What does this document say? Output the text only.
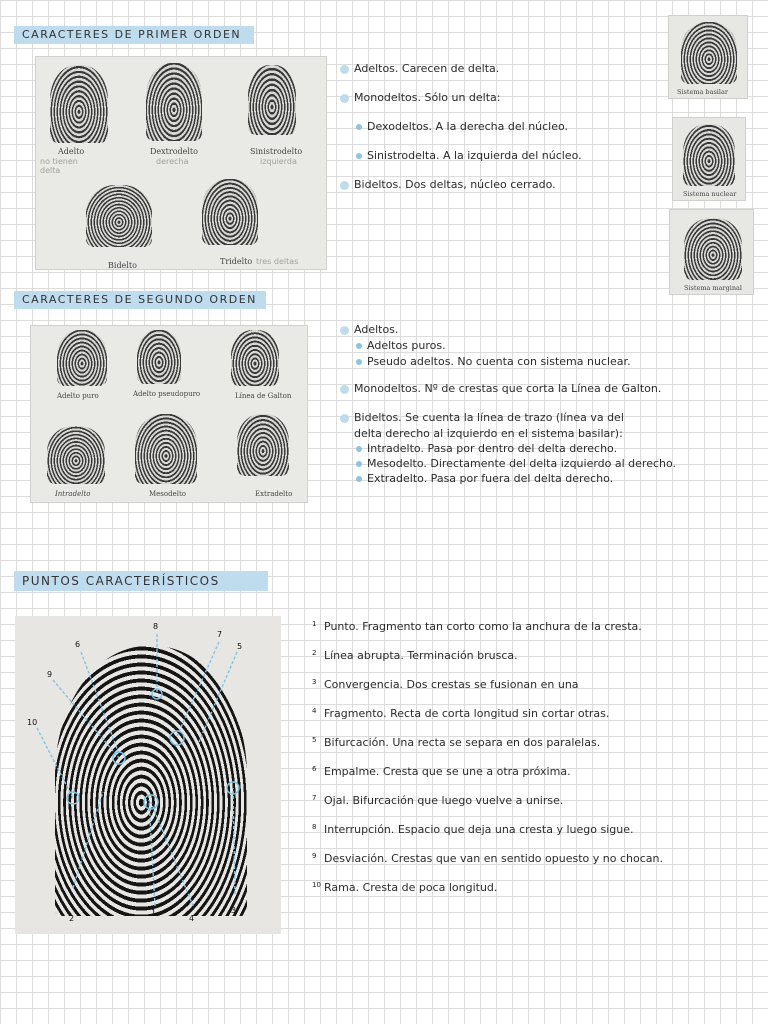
CARACTERES DE PRIMER ORDEN
Adelto
no tienen delta
Dextrodelto
derecha
Sinistrodelto
izquierda
Bidelto	Tridelto tres deltas
Adeltos. Carecen de delta.
Monodeltos. Sólo un delta:
Dexodeltos. A la derecha del núcleo.
Sinistrodelta. A la izquierda del núcleo.
Bideltos. Dos deltas, núcleo cerrado.
Sistema basilar
Sistema nuclear
Sistema marginal
CARACTERES DE SEGUNDO ORDEN
Adelto puro	Adelto pseudopuro	Línea de Galton
Intradelto	Mesodelto	Extradelto
Adeltos.
Adeltos puros.
Pseudo adeltos. No cuenta con sistema nuclear.
Monodeltos. Nº de crestas que corta la Línea de Galton.
Bideltos. Se cuenta la línea de trazo (línea va del
delta derecho al izquierdo en el sistema basilar):
Intradelto. Pasa por dentro del delta derecho.
Mesodelto. Directamente del delta izquierdo al derecho.
Extradelto. Pasa por fuera del delta derecho.
PUNTOS CARACTERÍSTICOS
1
2
3
4
5
6
7
8
9
10
1 Punto. Fragmento tan corto como la anchura de la cresta.
2 Línea abrupta. Terminación brusca.
3 Convergencia. Dos crestas se fusionan en una
4 Fragmento. Recta de corta longitud sin cortar otras.
5 Bifurcación. Una recta se separa en dos paralelas.
6 Empalme. Cresta que se une a otra próxima.
7 Ojal. Bifurcación que luego vuelve a unirse.
8 Interrupción. Espacio que deja una cresta y luego sigue.
9 Desviación. Crestas que van en sentido opuesto y no chocan.
10 Rama. Cresta de poca longitud.
